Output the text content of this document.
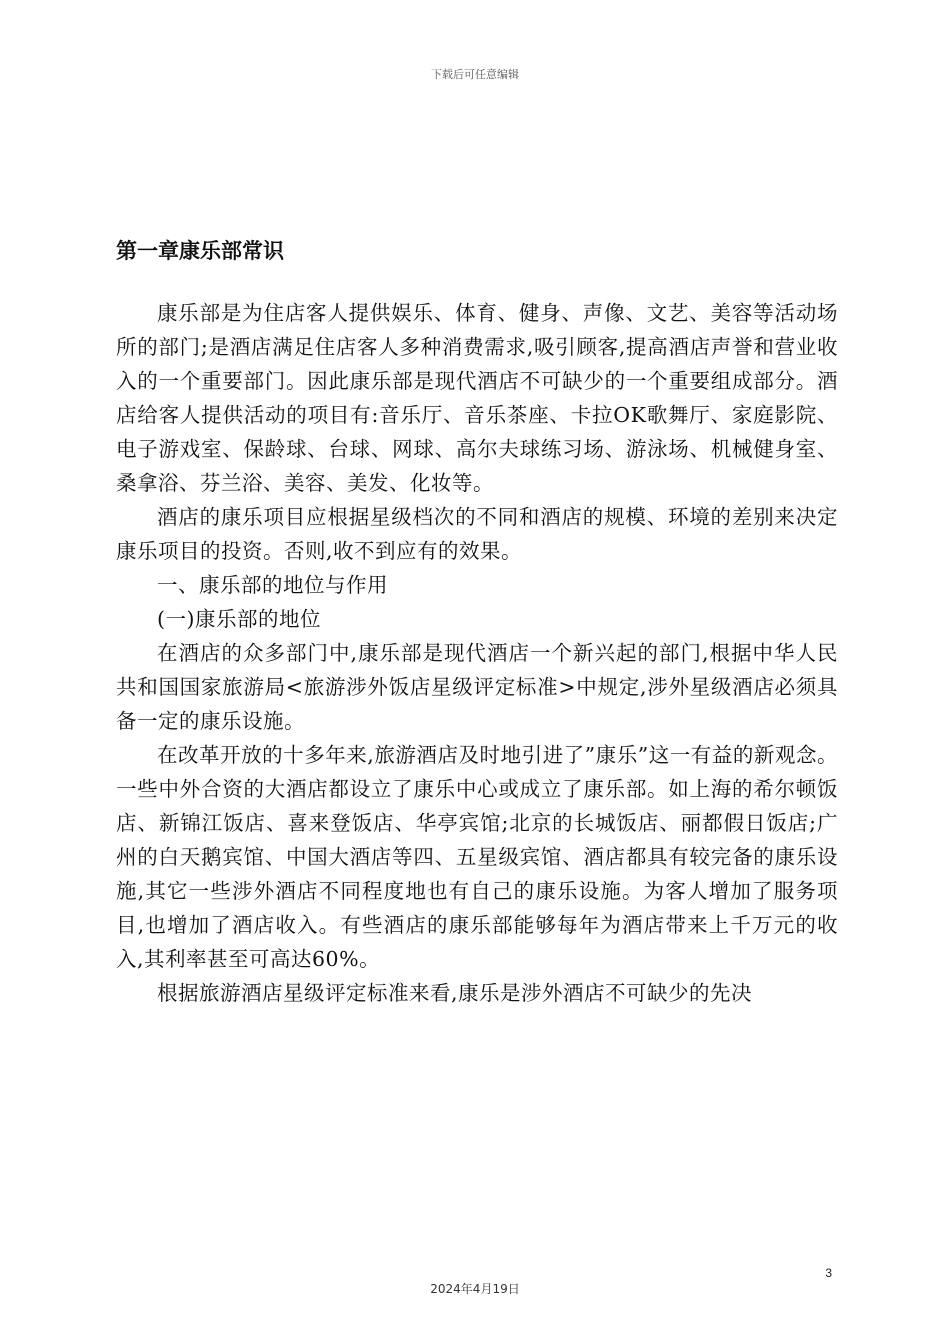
下载后可任意编辑
第一章康乐部常识

康乐部是为住店客人提供娱乐、体育、健身、声像、文艺、美容等活动场所的部门;是酒店满足住店客人多种消费需求,吸引顾客,提高酒店声誉和营业收入的一个重要部门。因此康乐部是现代酒店不可缺少的一个重要组成部分。酒店给客人提供活动的项目有:音乐厅、音乐茶座、卡拉OK歌舞厅、家庭影院、电子游戏室、保龄球、台球、网球、高尔夫球练习场、游泳场、机械健身室、桑拿浴、芬兰浴、美容、美发、化妆等。

酒店的康乐项目应根据星级档次的不同和酒店的规模、环境的差别来决定康乐项目的投资。否则,收不到应有的效果。

一、康乐部的地位与作用

(一)康乐部的地位

在酒店的众多部门中,康乐部是现代酒店一个新兴起的部门,根据中华人民共和国国家旅游局<旅游涉外饭店星级评定标准>中规定,涉外星级酒店必须具备一定的康乐设施。

在改革开放的十多年来,旅游酒店及时地引进了”康乐”这一有益的新观念。一些中外合资的大酒店都设立了康乐中心或成立了康乐部。如上海的希尔顿饭店、新锦江饭店、喜来登饭店、华亭宾馆;北京的长城饭店、丽都假日饭店;广州的白天鹅宾馆、中国大酒店等四、五星级宾馆、酒店都具有较完备的康乐设施,其它一些涉外酒店不同程度地也有自己的康乐设施。为客人增加了服务项目,也增加了酒店收入。有些酒店的康乐部能够每年为酒店带来上千万元的收入,其利率甚至可高达60%。

根据旅游酒店星级评定标准来看,康乐是涉外酒店不可缺少的先决

3
2024年4月19日
